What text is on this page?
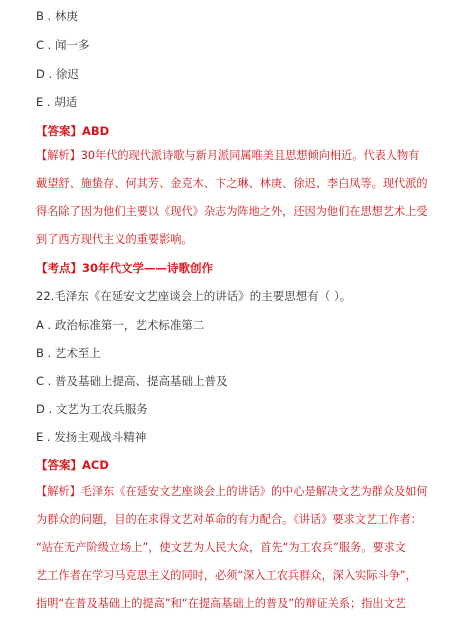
B . 林庚
C . 闻一多
D . 徐迟
E . 胡适
【答案】ABD
【解析】30年代的现代派诗歌与新月派同属唯美且思想倾向相近。代表人物有
戴望舒、施蛰存、何其芳、金克木、卞之琳、林庚、徐迟、李白凤等。现代派的
得名除了因为他们主要以《现代》杂志为阵地之外，还因为他们在思想艺术上受
到了西方现代主义的重要影响。
【考点】30年代文学——诗歌创作
22.毛泽东《在延安文艺座谈会上的讲话》的主要思想有（ ）。
A . 政治标准第一，艺术标准第二
B . 艺术至上
C . 普及基础上提高、提高基础上普及
D . 文艺为工农兵服务
E . 发扬主观战斗精神
【答案】ACD
【解析】毛泽东《在延安文艺座谈会上的讲话》的中心是解决文艺为群众及如何
为群众的问题，目的在求得文艺对革命的有力配合。《讲话》要求文艺工作者：
“站在无产阶级立场上”，使文艺为人民大众，首先“为工农兵”服务。要求文
艺工作者在学习马克思主义的同时，必须“深入工农兵群众，深入实际斗争”，
指明“在普及基础上的提高”和“在提高基础上的普及”的辩证关系；指出文艺
